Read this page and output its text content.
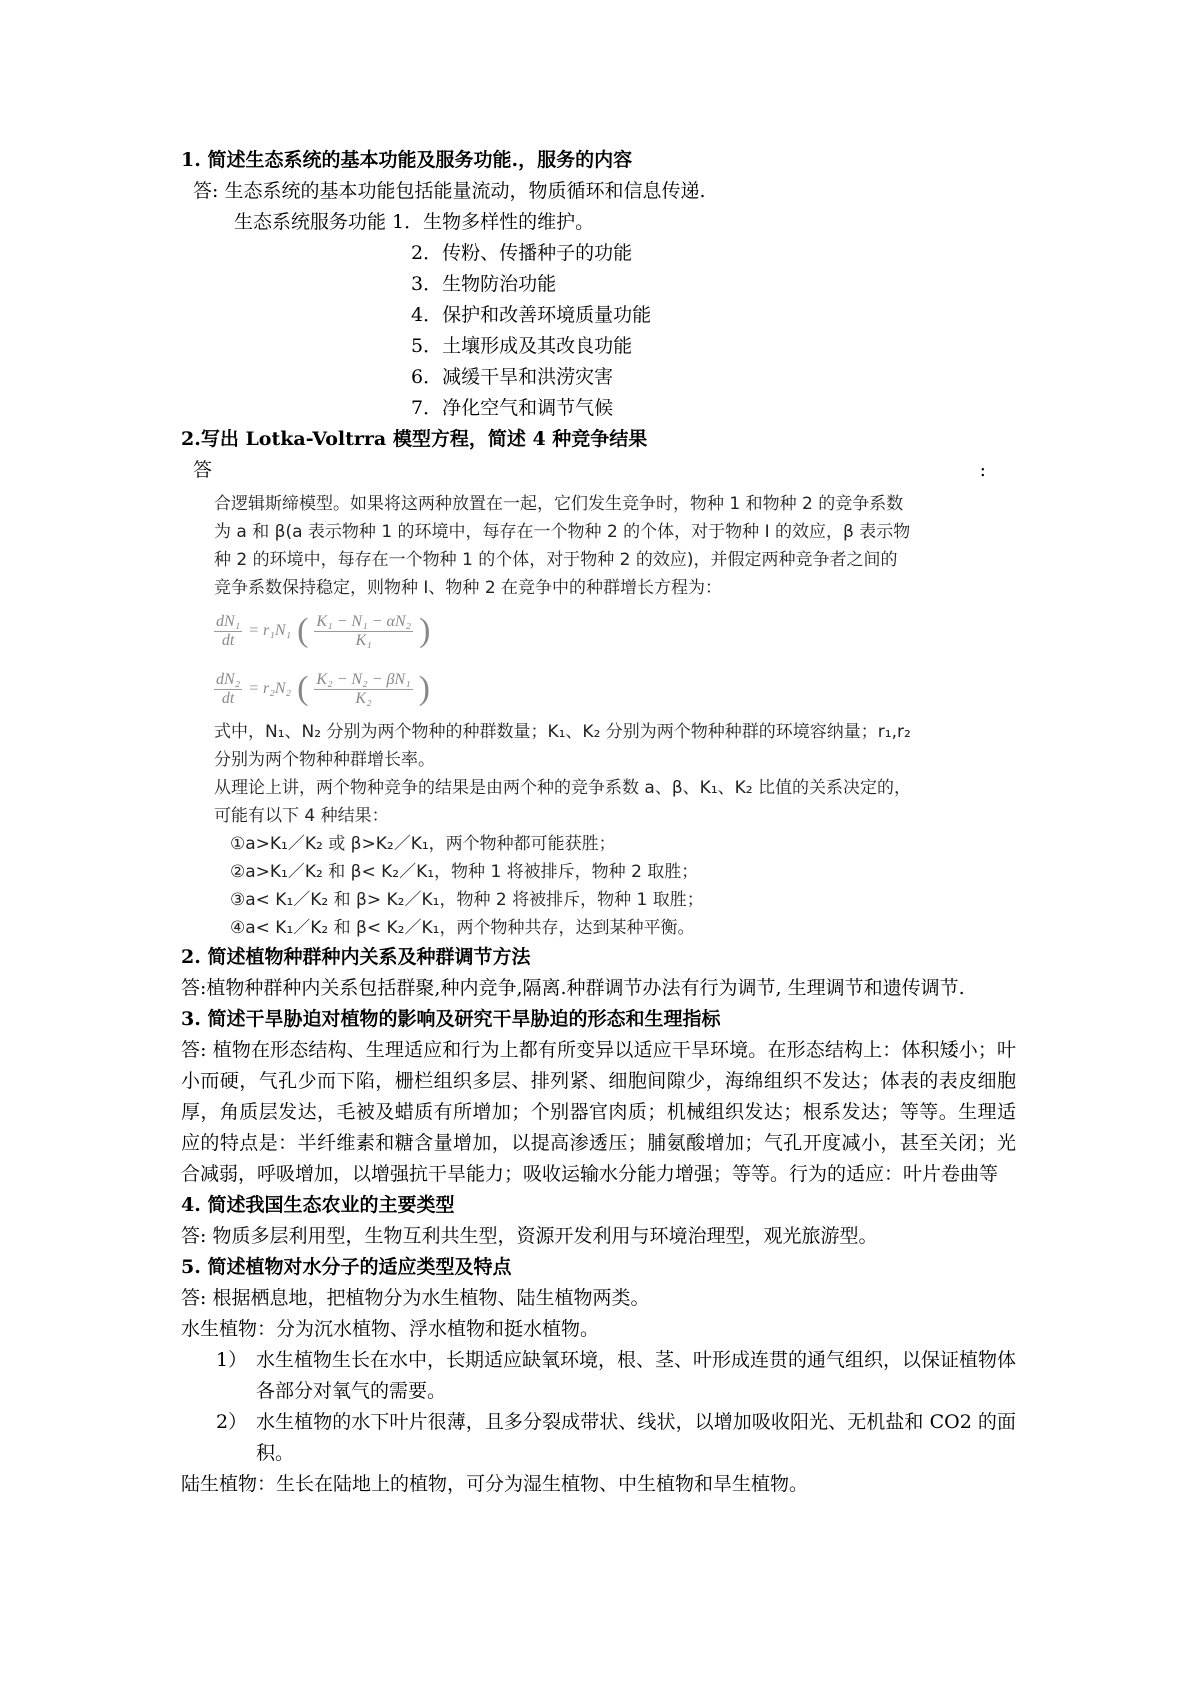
1. 简述生态系统的基本功能及服务功能.，服务的内容
答: 生态系统的基本功能包括能量流动，物质循环和信息传递.
生态系统服务功能 1．生物多样性的维护。
2．传粉、传播种子的功能
3．生物防治功能
4．保护和改善环境质量功能
5．土壤形成及其改良功能
6．减缓干旱和洪涝灾害
7．净化空气和调节气候
2.写出 Lotka-Voltrra 模型方程，简述 4 种竞争结果
答	:
合逻辑斯缔模型。如果将这两种放置在一起，它们发生竞争时，物种 1 和物种 2 的竞争系数
为 a 和 β(a 表示物种 1 的环境中，每存在一个物种 2 的个体，对于物种 I 的效应，β 表示物
种 2 的环境中，每存在一个物种 1 的个体，对于物种 2 的效应)，并假定两种竞争者之间的
竞争系数保持稳定，则物种 I、物种 2 在竞争中的种群增长方程为：
$\frac{\text{dN₁}}{dt} = r_1N_1$ ( $\frac{\text{K₁ − N₁ − αN₂}}{\text{K₁}}$ )
$\frac{\text{dN₂}}{dt} = r_2N_2$ ( $\frac{\text{K₂ − N₂ − βN₁}}{\text{K₂}}$ )
式中，N₁、N₂ 分别为两个物种的种群数量；K₁、K₂ 分别为两个物种种群的环境容纳量；r₁,r₂
分别为两个物种种群增长率。
从理论上讲，两个物种竞争的结果是由两个种的竞争系数 a、β、K₁、K₂ 比值的关系决定的，
可能有以下 4 种结果：
①a>K₁／K₂ 或 β>K₂／K₁，两个物种都可能获胜；
②a>K₁／K₂ 和 β< K₂／K₁，物种 1 将被排斥，物种 2 取胜；
③a< K₁／K₂ 和 β> K₂／K₁，物种 2 将被排斥，物种 1 取胜；
④a< K₁／K₂ 和 β< K₂／K₁，两个物种共存，达到某种平衡。
2. 简述植物种群种内关系及种群调节方法
答:植物种群种内关系包括群聚,种内竞争,隔离.种群调节办法有行为调节, 生理调节和遗传调节.
3. 简述干旱胁迫对植物的影响及研究干旱胁迫的形态和生理指标
答: 植物在形态结构、生理适应和行为上都有所变异以适应干旱环境。在形态结构上：体积矮小；叶小而硬，气孔少而下陷，栅栏组织多层、排列紧、细胞间隙少，海绵组织不发达；体表的表皮细胞厚，角质层发达，毛被及蜡质有所增加；个别器官肉质；机械组织发达；根系发达；等等。生理适应的特点是：半纤维素和糖含量增加，以提高渗透压；脯氨酸增加；气孔开度减小，甚至关闭；光合减弱，呼吸增加，以增强抗干旱能力；吸收运输水分能力增强；等等。行为的适应：叶片卷曲等
4. 简述我国生态农业的主要类型
答: 物质多层利用型，生物互利共生型，资源开发利用与环境治理型，观光旅游型。
5. 简述植物对水分子的适应类型及特点
答: 根据栖息地，把植物分为水生植物、陆生植物两类。
水生植物：分为沉水植物、浮水植物和挺水植物。
1） 水生植物生长在水中，长期适应缺氧环境，根、茎、叶形成连贯的通气组织，以保证植物体各部分对氧气的需要。
2） 水生植物的水下叶片很薄，且多分裂成带状、线状，以增加吸收阳光、无机盐和 CO2 的面积。
陆生植物：生长在陆地上的植物，可分为湿生植物、中生植物和旱生植物。
